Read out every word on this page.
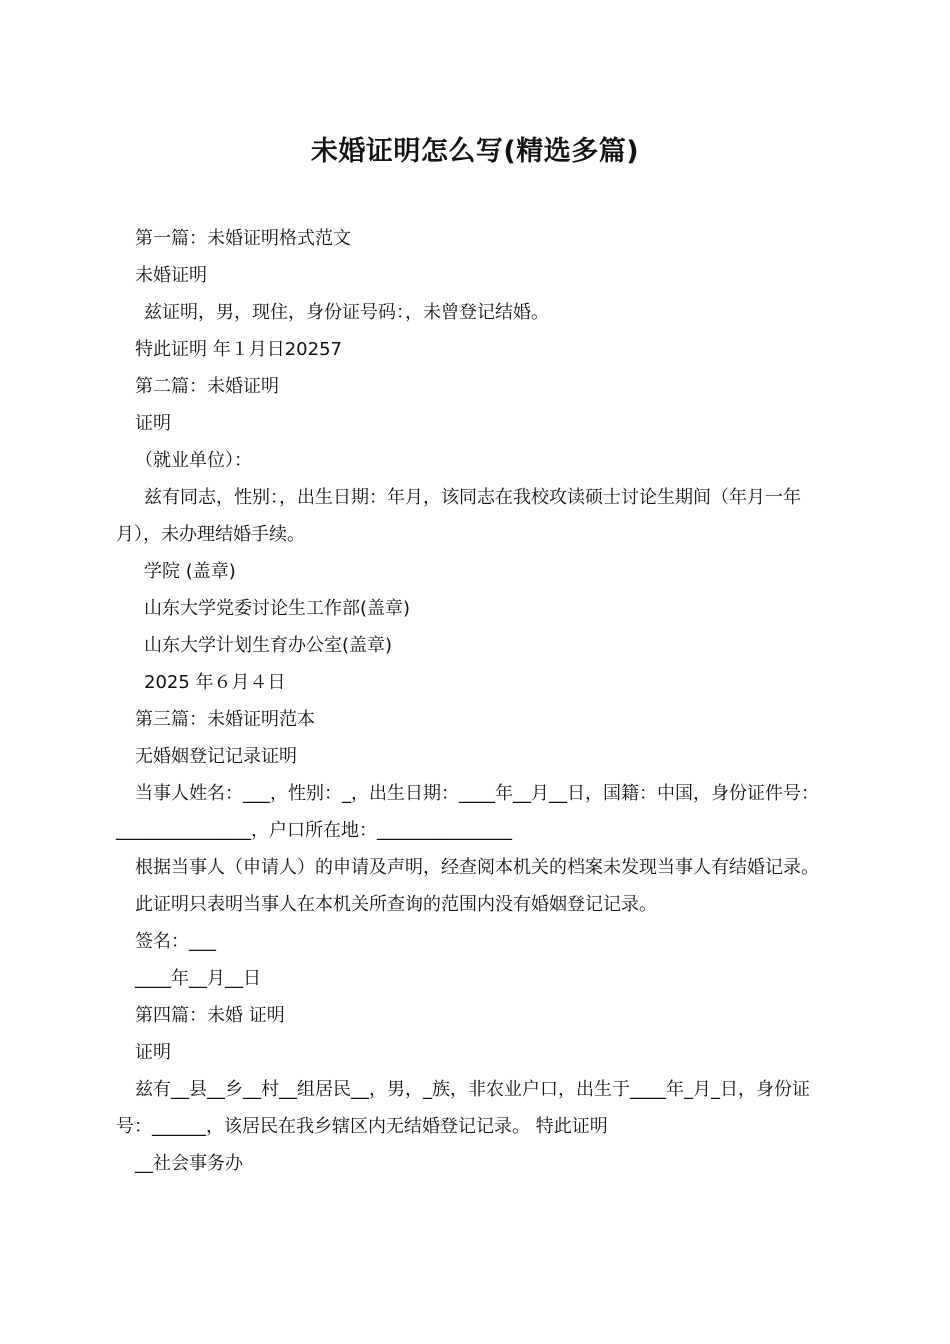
未婚证明怎么写(精选多篇)
第一篇：未婚证明格式范文
未婚证明
兹证明，男，现住，身份证号码：，未曾登记结婚。
特此证明 年１月日20257
第二篇：未婚证明
证明
（就业单位）：
兹有同志，性别：，出生日期：年月，该同志在我校攻读硕士讨论生期间（年月一年月），未办理结婚手续。
学院 (盖章)
山东大学党委讨论生工作部(盖章)
山东大学计划生育办公室(盖章)
2025 年６月４日
第三篇：未婚证明范本
无婚姻登记记录证明
当事人姓名：___，性别：_，出生日期：____年__月__日，国籍：中国，身份证件号：_______________，户口所在地：_______________
根据当事人（申请人）的申请及声明，经查阅本机关的档案未发现当事人有结婚记录。
此证明只表明当事人在本机关所查询的范围内没有婚姻登记记录。
签名：___
____年__月__日
第四篇：未婚 证明
证明
兹有__县__乡__村__组居民__，男，_族，非农业户口，出生于____年_月_日，身份证号：______，该居民在我乡辖区内无结婚登记记录。 特此证明
__社会事务办
